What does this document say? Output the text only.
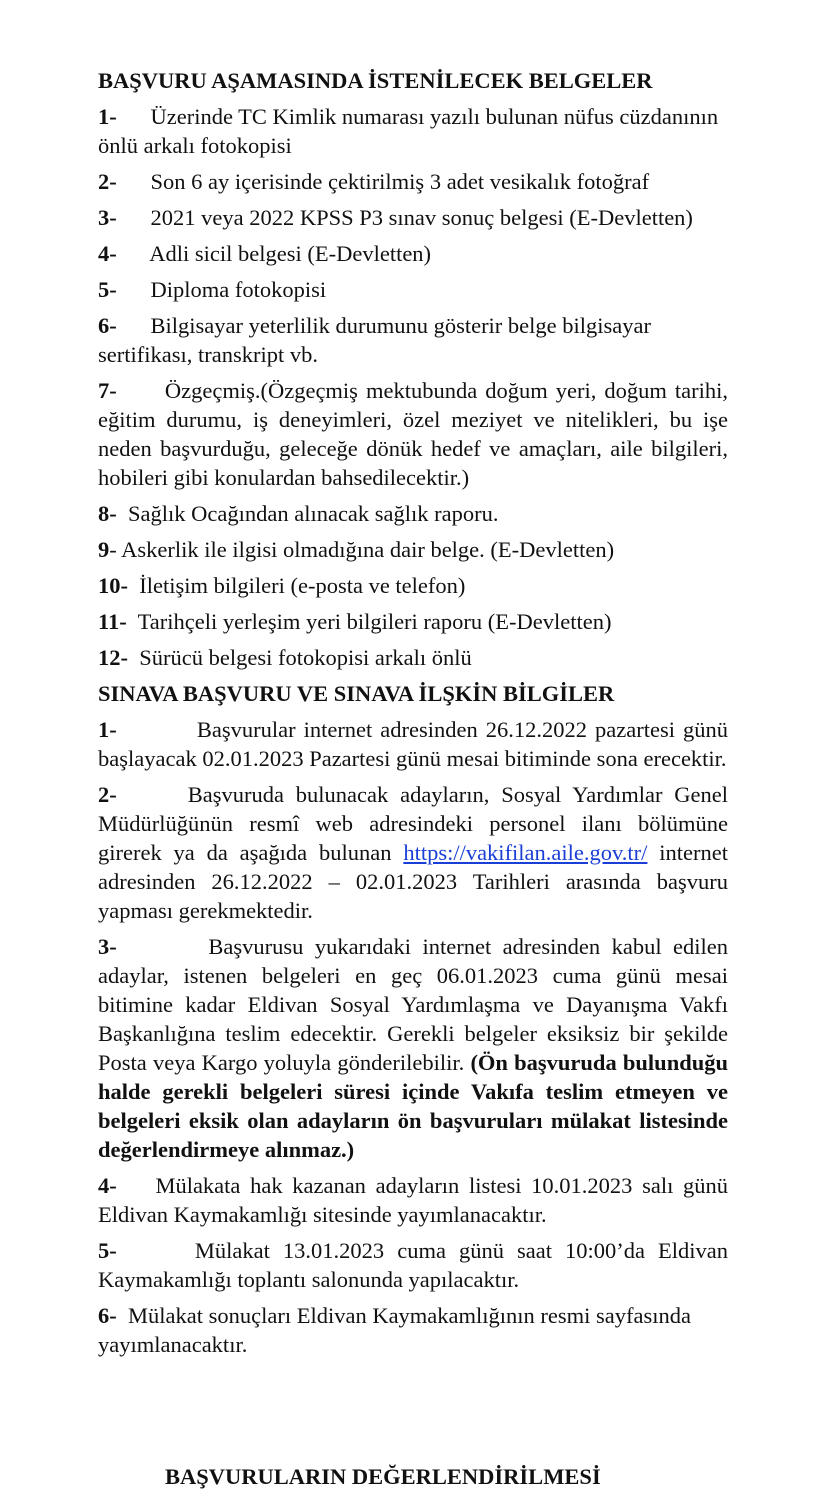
BAŞVURU AŞAMASINDA İSTENİLECEK BELGELER
1- Üzerinde TC Kimlik numarası yazılı bulunan nüfus cüzdanının önlü arkalı fotokopisi
2- Son 6 ay içerisinde çektirilmiş 3 adet vesikalık fotoğraf
3- 2021 veya 2022 KPSS P3 sınav sonuç belgesi (E-Devletten)
4- Adli sicil belgesi (E-Devletten)
5- Diploma fotokopisi
6- Bilgisayar yeterlilik durumunu gösterir belge bilgisayar sertifikası, transkript vb.
7- Özgeçmiş.(Özgeçmiş mektubunda doğum yeri, doğum tarihi, eğitim durumu, iş deneyimleri, özel meziyet ve nitelikleri, bu işe neden başvurduğu, geleceğe dönük hedef ve amaçları, aile bilgileri, hobileri gibi konulardan bahsedilecektir.)
8- Sağlık Ocağından alınacak sağlık raporu.
9- Askerlik ile ilgisi olmadığına dair belge. (E-Devletten)
10- İletişim bilgileri (e-posta ve telefon)
11- Tarihçeli yerleşim yeri bilgileri raporu (E-Devletten)
12- Sürücü belgesi fotokopisi arkalı önlü
SINAVA BAŞVURU VE SINAVA İLŞKİN BİLGİLER
1-	Başvurular internet adresinden 26.12.2022 pazartesi günü başlayacak 02.01.2023 Pazartesi günü mesai bitiminde sona erecektir.
2-	Başvuruda bulunacak adayların, Sosyal Yardımlar Genel Müdürlüğünün resmî web adresindeki personel ilanı bölümüne girerek ya da aşağıda bulunan https://vakifilan.aile.gov.tr/ internet adresinden 26.12.2022 – 02.01.2023 Tarihleri arasında başvuru yapması gerekmektedir.
3-	Başvurusu yukarıdaki internet adresinden kabul edilen adaylar, istenen belgeleri en geç 06.01.2023 cuma günü mesai bitimine kadar Eldivan Sosyal Yardımlaşma ve Dayanışma Vakfı Başkanlığına teslim edecektir. Gerekli belgeler eksiksiz bir şekilde Posta veya Kargo yoluyla gönderilebilir. (Ön başvuruda bulunduğu halde gerekli belgeleri süresi içinde Vakıfa teslim etmeyen ve belgeleri eksik olan adayların ön başvuruları mülakat listesinde değerlendirmeye alınmaz.)
4- Mülakata hak kazanan adayların listesi 10.01.2023 salı günü Eldivan Kaymakamlığı sitesinde yayımlanacaktır.
5-	Mülakat 13.01.2023 cuma günü saat 10:00’da Eldivan Kaymakamlığı toplantı salonunda yapılacaktır.
6- Mülakat sonuçları Eldivan Kaymakamlığının resmi sayfasında yayımlanacaktır.
BAŞVURULARIN DEĞERLENDİRİLMESİ
